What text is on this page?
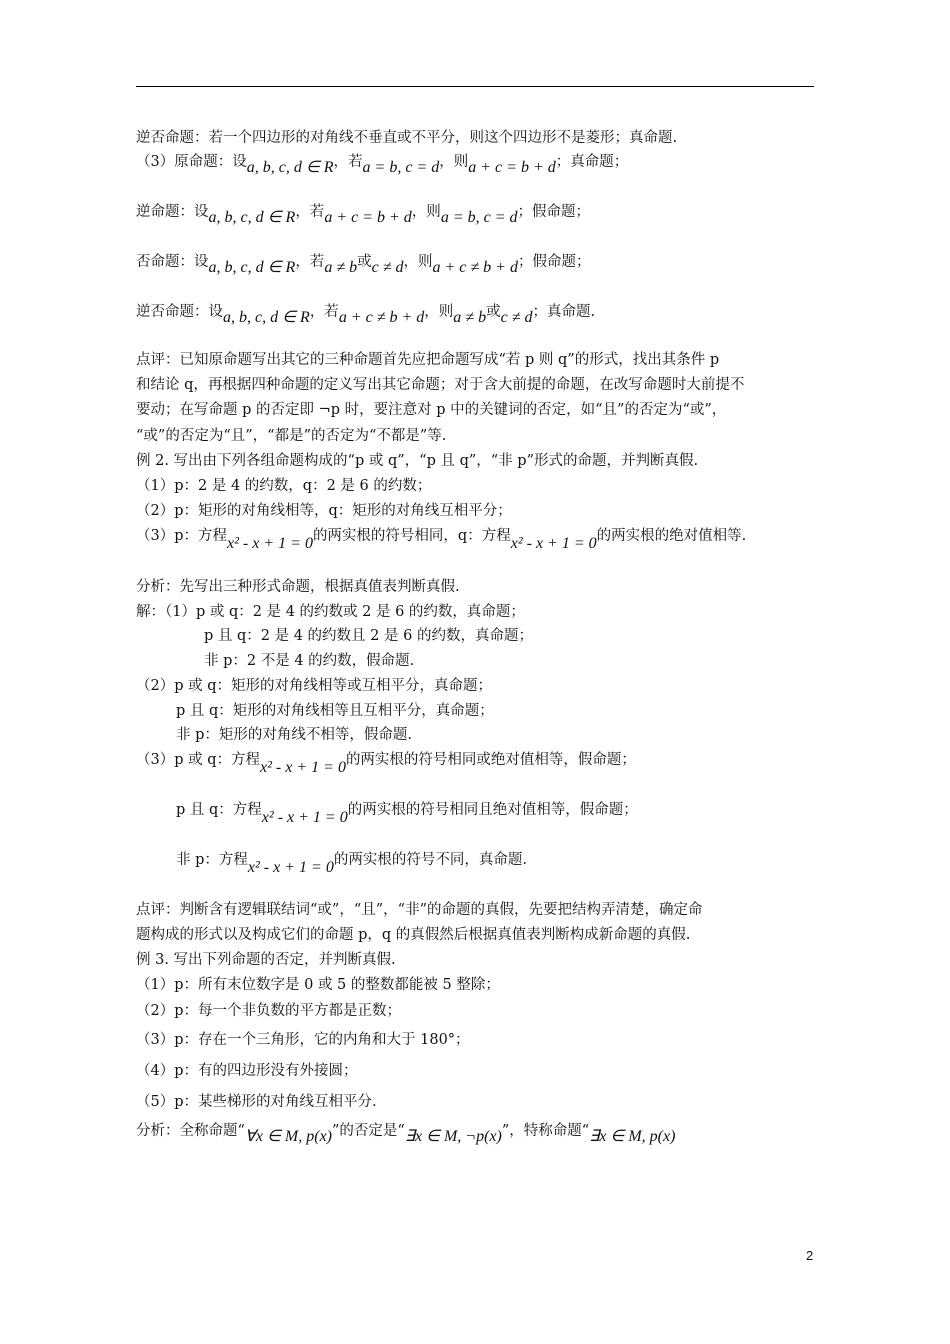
逆否命题：若一个四边形的对角线不垂直或不平分，则这个四边形不是菱形；真命题.
（3）原命题：设a, b, c, d ∈ R，若a = b, c = d，则a + c = b + d；真命题；
逆命题：设a, b, c, d ∈ R，若a + c = b + d，则a = b, c = d；假命题；
否命题：设a, b, c, d ∈ R，若a ≠ b或c ≠ d，则a + c ≠ b + d；假命题；
逆否命题：设a, b, c, d ∈ R，若a + c ≠ b + d，则a ≠ b或c ≠ d；真命题.
点评：已知原命题写出其它的三种命题首先应把命题写成“若 p 则 q”的形式，找出其条件 p
和结论 q，再根据四种命题的定义写出其它命题；对于含大前提的命题，在改写命题时大前提不
要动；在写命题 p 的否定即 ¬p 时，要注意对 p 中的关键词的否定，如“且”的否定为“或”，
“或”的否定为“且”，“都是”的否定为“不都是”等.
例 2. 写出由下列各组命题构成的“p 或 q”，“p 且 q”，“非 p”形式的命题，并判断真假.
（1）p：2 是 4 的约数，q：2 是 6 的约数；
（2）p：矩形的对角线相等，q：矩形的对角线互相平分；
（3）p：方程x² - x + 1 = 0的两实根的符号相同，q：方程x² - x + 1 = 0的两实根的绝对值相等.
分析：先写出三种形式命题，根据真值表判断真假.
解：（1）p 或 q：2 是 4 的约数或 2 是 6 的约数，真命题；
p 且 q：2 是 4 的约数且 2 是 6 的约数，真命题；
非 p：2 不是 4 的约数，假命题.
（2）p 或 q：矩形的对角线相等或互相平分，真命题；
p 且 q：矩形的对角线相等且互相平分，真命题；
非 p：矩形的对角线不相等，假命题.
（3）p 或 q：方程x² - x + 1 = 0的两实根的符号相同或绝对值相等，假命题；
p 且 q：方程x² - x + 1 = 0的两实根的符号相同且绝对值相等，假命题；
非 p：方程x² - x + 1 = 0的两实根的符号不同，真命题.
点评：判断含有逻辑联结词“或”，“且”，“非”的命题的真假，先要把结构弄清楚，确定命
题构成的形式以及构成它们的命题 p，q 的真假然后根据真值表判断构成新命题的真假.
例 3. 写出下列命题的否定，并判断真假.
（1）p：所有末位数字是 0 或 5 的整数都能被 5 整除；
（2）p：每一个非负数的平方都是正数；
（3）p：存在一个三角形，它的内角和大于 180°；
（4）p：有的四边形没有外接圆；
（5）p：某些梯形的对角线互相平分.
分析：全称命题“∀x ∈ M, p(x)”的否定是“∃x ∈ M, ¬p(x)”，特称命题“∃x ∈ M, p(x)
2
